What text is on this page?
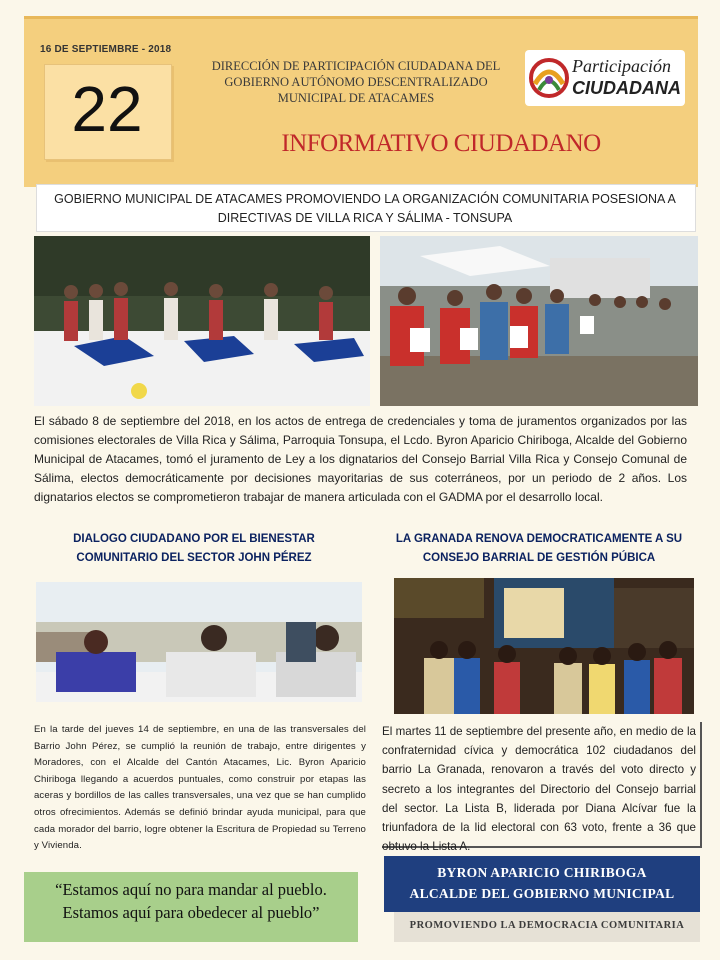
16 DE SEPTIEMBRE - 2018
22
DIRECCIÓN DE PARTICIPACIÓN CIUDADANA DEL
GOBIERNO AUTÓNOMO DESCENTRALIZADO
MUNICIPAL DE ATACAMES
Participación
CIUDADANA
INFORMATIVO CIUDADANO
GOBIERNO MUNICIPAL DE ATACAMES PROMOVIENDO LA ORGANIZACIÓN COMUNITARIA POSESIONA A DIRECTIVAS DE VILLA RICA Y SÁLIMA - TONSUPA
El sábado 8 de septiembre del 2018, en los actos de entrega de credenciales y toma de juramentos organizados por las comisiones electorales de Villa Rica y Sálima, Parroquia Tonsupa, el Lcdo. Byron Aparicio Chiriboga, Alcalde del Gobierno Municipal de Atacames, tomó el juramento de Ley a los dignatarios del Consejo Barrial Villa Rica y Consejo Comunal de Sálima, electos democráticamente por decisiones mayoritarias de sus coterráneos, por un periodo de 2 años. Los dignatarios electos se comprometieron trabajar de manera articulada con el GADMA por el desarrollo local.
DIALOGO CIUDADANO POR EL BIENESTAR
COMUNITARIO DEL SECTOR JOHN PÉREZ
En la tarde del jueves 14 de septiembre, en una de las transversales del Barrio John Pérez, se cumplió la reunión de trabajo, entre dirigentes y Moradores, con el Alcalde del Cantón Atacames, Lic. Byron Aparicio Chiriboga llegando a acuerdos puntuales, como construir por etapas las aceras y bordillos de las calles transversales, una vez que se han cumplido otros ofrecimientos. Además se definió brindar ayuda municipal, para que cada morador del barrio, logre obtener la Escritura de Propiedad su Terreno y Vivienda.
LA GRANADA RENOVA DEMOCRATICAMENTE A SU
CONSEJO BARRIAL DE GESTIÓN PÚBICA
El martes 11 de septiembre del presente año, en medio de la confraternidad cívica y democrática 102 ciudadanos del barrio La Granada, renovaron a través del voto directo y secreto a los integrantes del Directorio del Consejo barrial del sector. La Lista B, liderada por Diana Alcívar fue la triunfadora de la lid electoral con 63 voto, frente a 36 que obtuvo la Lista A.
“Estamos aquí no para mandar al pueblo.
Estamos aquí para obedecer al pueblo”
BYRON APARICIO CHIRIBOGA
ALCALDE DEL GOBIERNO MUNICIPAL
PROMOVIENDO LA DEMOCRACIA COMUNITARIA
